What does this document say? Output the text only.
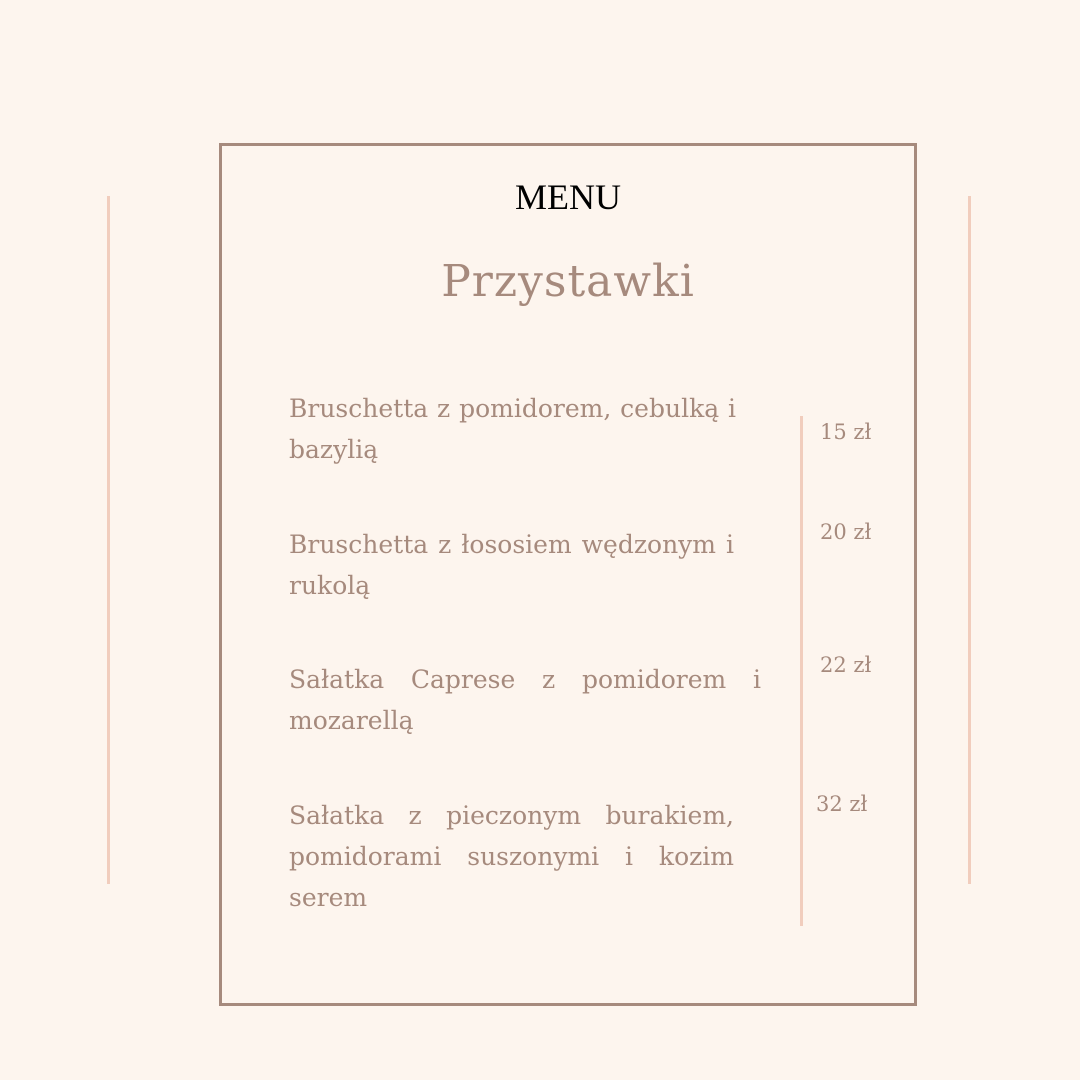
MENU
Przystawki

Bruschetta z pomidorem, cebulką i bazylią

15 zł

Bruschetta z łososiem wędzonym i rukolą

20 zł

Sałatka Caprese z pomidorem i mozarellą

22 zł

Sałatka z pieczonym burakiem, pomidorami suszonymi i kozim serem

32 zł
